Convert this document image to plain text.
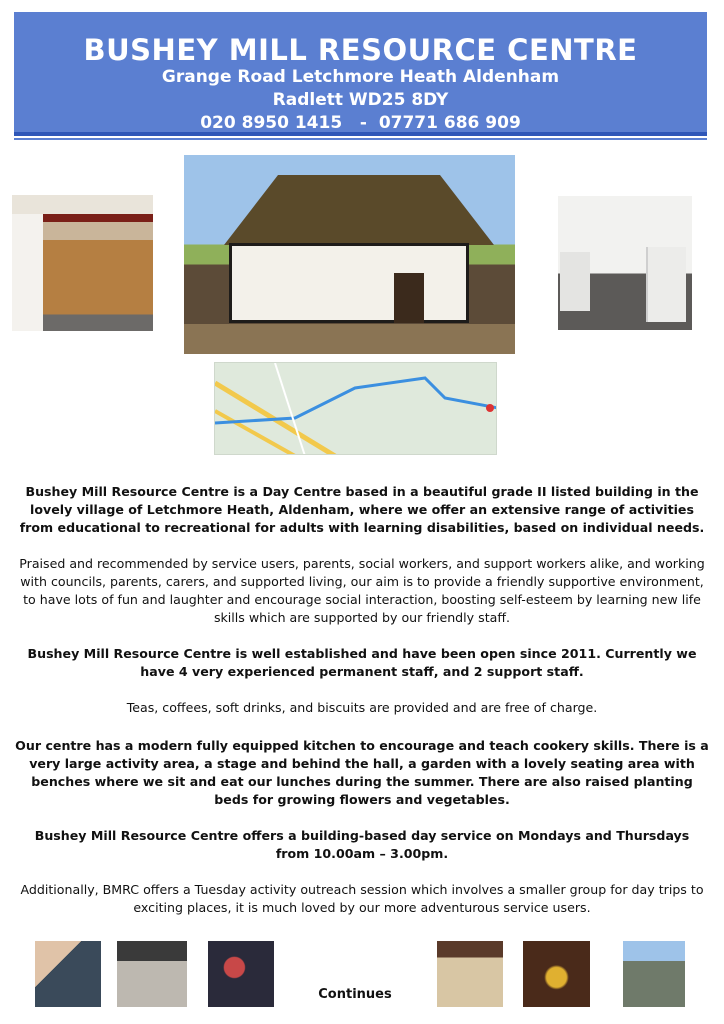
BUSHEY MILL RESOURCE CENTRE
Grange Road Letchmore Heath Aldenham
Radlett WD25 8DY
020 8950 1415   -  07771 686 909
Bushey Mill Resource Centre is a Day Centre based in a beautiful grade II listed building in the lovely village of Letchmore Heath, Aldenham, where we offer an extensive range of activities from educational to recreational for adults with learning disabilities, based on individual needs.
Praised and recommended by service users, parents, social workers, and support workers alike, and working with councils, parents, carers, and supported living, our aim is to provide a friendly supportive environment, to have lots of fun and laughter and encourage social interaction, boosting self-esteem by learning new life skills which are supported by our friendly staff.
Bushey Mill Resource Centre is well established and have been open since 2011. Currently we have 4 very experienced permanent staff, and 2 support staff.
Teas, coffees, soft drinks, and biscuits are provided and are free of charge.
Our centre has a modern fully equipped kitchen to encourage and teach cookery skills. There is a very large activity area, a stage and behind the hall, a garden with a lovely seating area with benches where we sit and eat our lunches during the summer. There are also raised planting beds for growing flowers and vegetables.
Bushey Mill Resource Centre offers a building-based day service on Mondays and Thursdays
from 10.00am – 3.00pm.
Additionally, BMRC offers a Tuesday activity outreach session which involves a smaller group for day trips to exciting places, it is much loved by our more adventurous service users.
Continues
